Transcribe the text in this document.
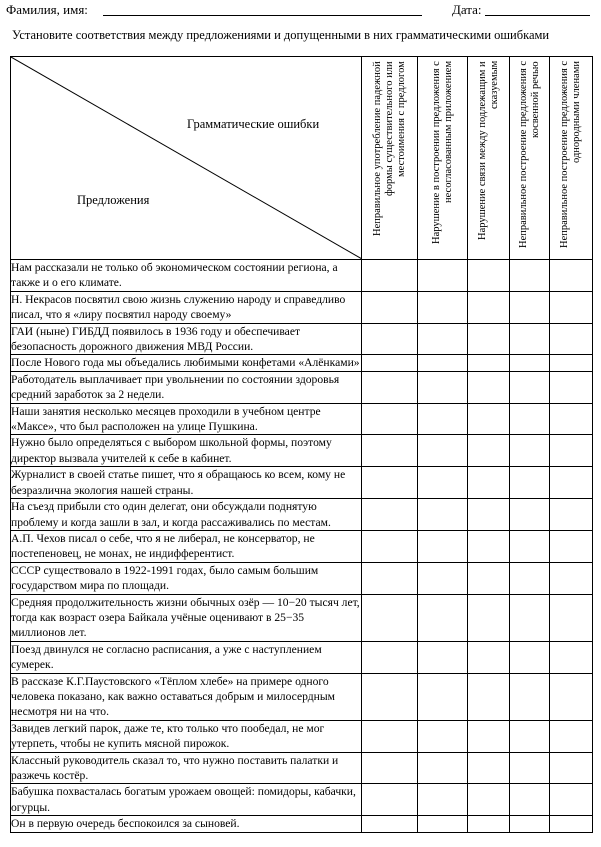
Фамилия, имя:	Дата:
Установите соответствия между предложениями и допущенными в них грамматическими ошибками
Грамматические ошибки
Предложения	Неправильное употребление падежной формы существительного или местоимения с предлогом	Нарушение в построении предложения с несогласованным приложением	Нарушение связи между подлежащим и сказуемым	Неправильное построение предложения с косвенной речью	Неправильное построение предложения с однородными членами

Нам рассказали не только об экономическом состоянии региона, а также и о его климате.					
Н. Некрасов посвятил свою жизнь служению народу и справедливо писал, что я «лиру посвятил народу своему»					
ГАИ (ныне) ГИБДД появилось в 1936 году и обеспечивает безопасность дорожного движения МВД России.					
После Нового года мы объедались любимыми конфетами «Алёнками»					
Работодатель выплачивает при увольнении по состоянии здоровья средний заработок за 2 недели.					
Наши занятия несколько месяцев проходили в учебном центре «Максе», что был расположен на улице Пушкина.					
Нужно было определяться с выбором школьной формы, поэтому директор вызвала учителей к себе в кабинет.					
Журналист в своей статье пишет, что я обращаюсь ко всем, кому не безразлична экология нашей страны.					
На съезд прибыли сто один делегат, они обсуждали поднятую проблему и когда зашли в зал, и когда рассаживались по местам.					
А.П. Чехов писал о себе, что я не либерал, не консерватор, не постепеновец, не монах, не индифферентист.					
СССР существовало в 1922-1991 годах, было самым большим государством мира по площади.					
Средняя продолжительность жизни обычных озёр — 10−20 тысяч лет, тогда как возраст озера Байкала учёные оценивают в 25−35 миллионов лет.					
Поезд двинулся не согласно расписания, а уже с наступлением сумерек.					
В рассказе К.Г.Паустовского «Тёплом хлебе» на примере одного человека показано, как важно оставаться добрым и милосердным несмотря ни на что.					
Завидев легкий парок, даже те, кто только что пообедал, не мог утерпеть, чтобы не купить мясной пирожок.					
Классный руководитель сказал то, что нужно поставить палатки и разжечь костёр.					
Бабушка похвасталась богатым урожаем овощей: помидоры, кабачки, огурцы.					
Он в первую очередь беспокоился за сыновей.					
